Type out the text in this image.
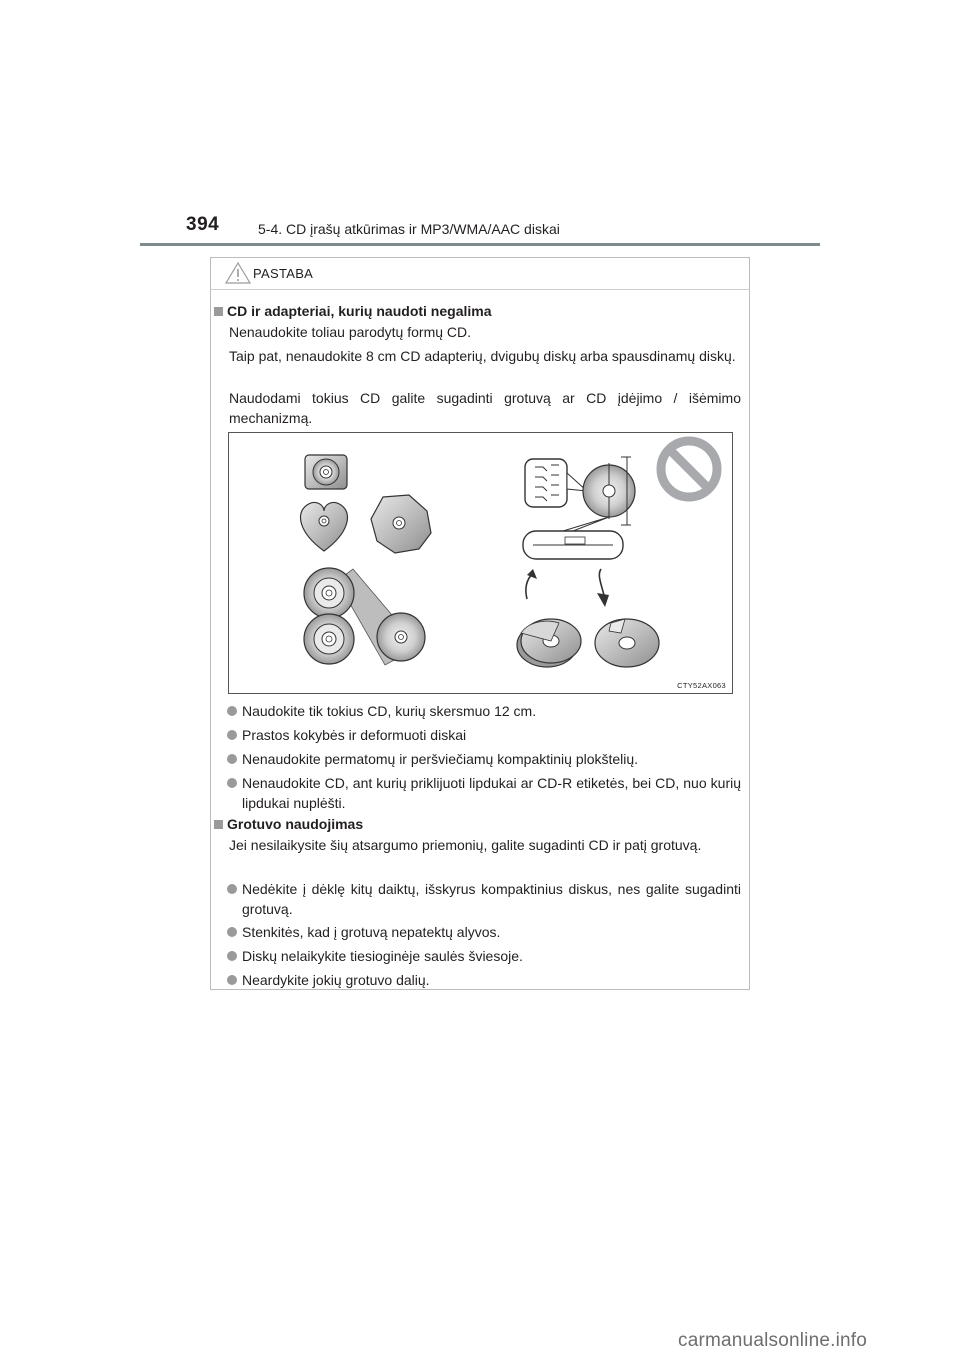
394	5-4. CD įrašų atkūrimas ir MP3/WMA/AAC diskai
PASTABA
CD ir adapteriai, kurių naudoti negalima
Nenaudokite toliau parodytų formų CD.
Taip pat, nenaudokite 8 cm CD adapterių, dvigubų diskų arba spausdinamų diskų.
Naudodami tokius CD galite sugadinti grotuvą ar CD įdėjimo / išėmimo mechanizmą.
Naudokite tik tokius CD, kurių skersmuo 12 cm.
Prastos kokybės ir deformuoti diskai
Nenaudokite permatomų ir peršviečiamų kompaktinių plokštelių.
Nenaudokite CD, ant kurių priklijuoti lipdukai ar CD-R etiketės, bei CD, nuo kurių lipdukai nuplėšti.
Grotuvo naudojimas
Jei nesilaikysite šių atsargumo priemonių, galite sugadinti CD ir patį grotuvą.
Nedėkite į dėklę kitų daiktų, išskyrus kompaktinius diskus, nes galite sugadinti grotuvą.
Stenkitės, kad į grotuvą nepatektų alyvos.
Diskų nelaikykite tiesioginėje saulės šviesoje.
Neardykite jokių grotuvo dalių.
CTY52AX063
carmanualsonline.info
